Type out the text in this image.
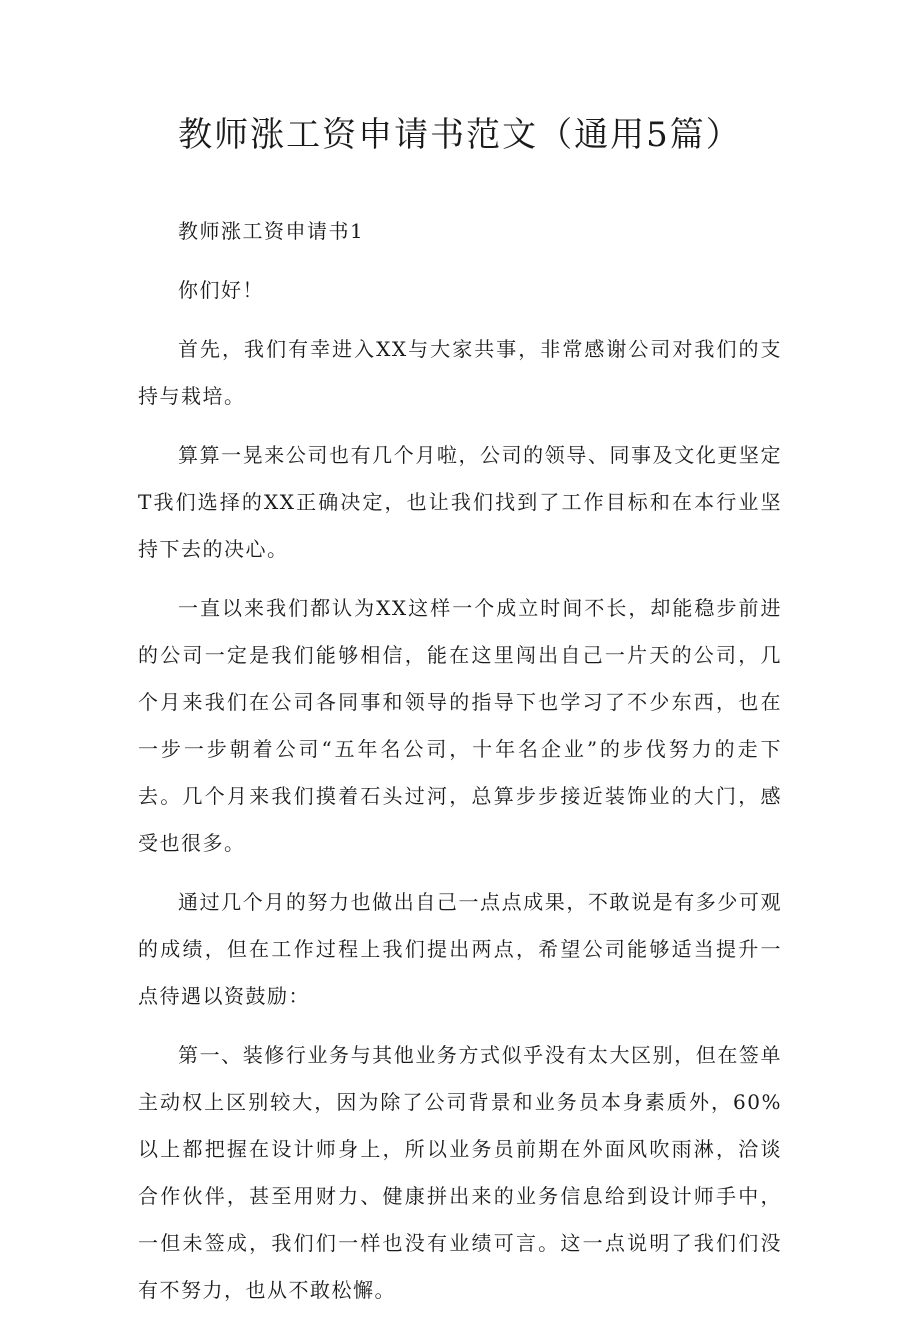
教师涨工资申请书范文（通用5篇）

教师涨工资申请书1

你们好！

首先，我们有幸进入XX与大家共事，非常感谢公司对我们的支持与栽培。

算算一晃来公司也有几个月啦，公司的领导、同事及文化更坚定T我们选择的XX正确决定，也让我们找到了工作目标和在本行业坚持下去的决心。

一直以来我们都认为XX这样一个成立时间不长，却能稳步前进的公司一定是我们能够相信，能在这里闯出自己一片天的公司，几个月来我们在公司各同事和领导的指导下也学习了不少东西，也在一步一步朝着公司“五年名公司，十年名企业”的步伐努力的走下去。几个月来我们摸着石头过河，总算步步接近装饰业的大门，感受也很多。

通过几个月的努力也做出自己一点点成果，不敢说是有多少可观的成绩，但在工作过程上我们提出两点，希望公司能够适当提升一点待遇以资鼓励：

第一、装修行业务与其他业务方式似乎没有太大区别，但在签单主动权上区别较大，因为除了公司背景和业务员本身素质外，60%以上都把握在设计师身上，所以业务员前期在外面风吹雨淋，洽谈合作伙伴，甚至用财力、健康拼出来的业务信息给到设计师手中，一但未签成，我们们一样也没有业绩可言。这一点说明了我们们没有不努力，也从不敢松懈。
